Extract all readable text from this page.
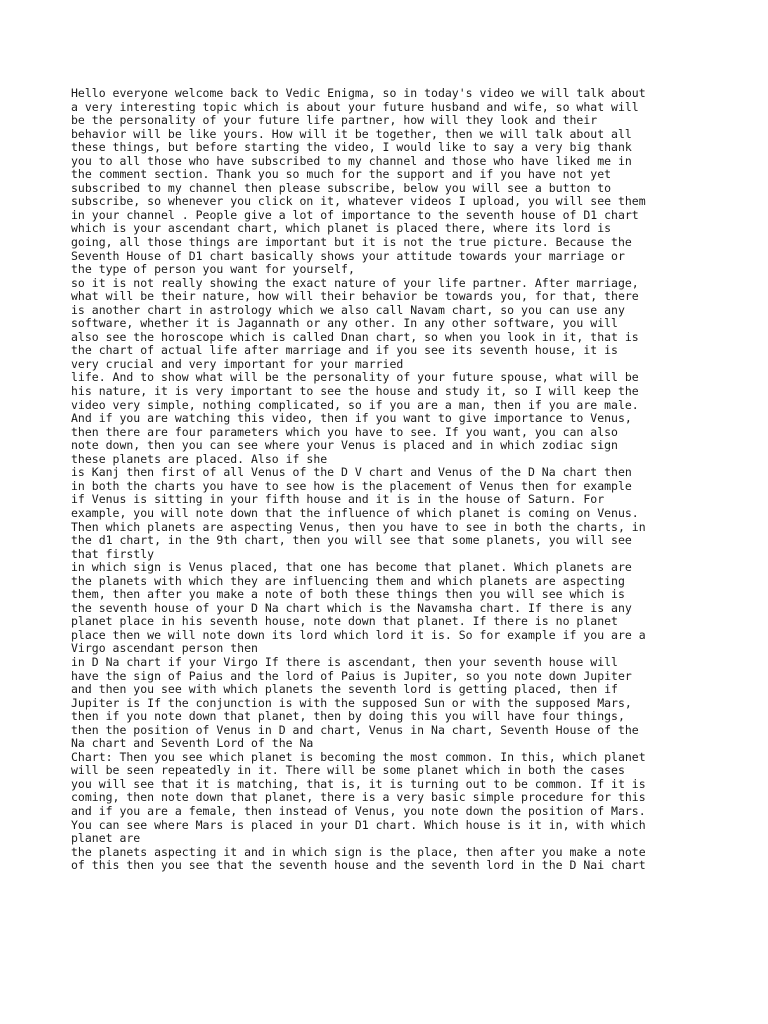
Hello everyone welcome back to Vedic Enigma, so in today's video we will talk about
a very interesting topic which is about your future husband and wife, so what will
be the personality of your future life partner, how will they look and their
behavior will be like yours. How will it be together, then we will talk about all
these things, but before starting the video, I would like to say a very big thank
you to all those who have subscribed to my channel and those who have liked me in
the comment section. Thank you so much for the support and if you have not yet
subscribed to my channel then please subscribe, below you will see a button to
subscribe, so whenever you click on it, whatever videos I upload, you will see them
in your channel . People give a lot of importance to the seventh house of D1 chart
which is your ascendant chart, which planet is placed there, where its lord is
going, all those things are important but it is not the true picture. Because the
Seventh House of D1 chart basically shows your attitude towards your marriage or
the type of person you want for yourself,
so it is not really showing the exact nature of your life partner. After marriage,
what will be their nature, how will their behavior be towards you, for that, there
is another chart in astrology which we also call Navam chart, so you can use any
software, whether it is Jagannath or any other. In any other software, you will
also see the horoscope which is called Dnan chart, so when you look in it, that is
the chart of actual life after marriage and if you see its seventh house, it is
very crucial and very important for your married
life. And to show what will be the personality of your future spouse, what will be
his nature, it is very important to see the house and study it, so I will keep the
video very simple, nothing complicated, so if you are a man, then if you are male.
And if you are watching this video, then if you want to give importance to Venus,
then there are four parameters which you have to see. If you want, you can also
note down, then you can see where your Venus is placed and in which zodiac sign
these planets are placed. Also if she
is Kanj then first of all Venus of the D V chart and Venus of the D Na chart then
in both the charts you have to see how is the placement of Venus then for example
if Venus is sitting in your fifth house and it is in the house of Saturn. For
example, you will note down that the influence of which planet is coming on Venus.
Then which planets are aspecting Venus, then you have to see in both the charts, in
the d1 chart, in the 9th chart, then you will see that some planets, you will see
that firstly
in which sign is Venus placed, that one has become that planet. Which planets are
the planets with which they are influencing them and which planets are aspecting
them, then after you make a note of both these things then you will see which is
the seventh house of your D Na chart which is the Navamsha chart. If there is any
planet place in his seventh house, note down that planet. If there is no planet
place then we will note down its lord which lord it is. So for example if you are a
Virgo ascendant person then
in D Na chart if your Virgo If there is ascendant, then your seventh house will
have the sign of Paius and the lord of Paius is Jupiter, so you note down Jupiter
and then you see with which planets the seventh lord is getting placed, then if
Jupiter is If the conjunction is with the supposed Sun or with the supposed Mars,
then if you note down that planet, then by doing this you will have four things,
then the position of Venus in D and chart, Venus in Na chart, Seventh House of the
Na chart and Seventh Lord of the Na
Chart: Then you see which planet is becoming the most common. In this, which planet
will be seen repeatedly in it. There will be some planet which in both the cases
you will see that it is matching, that is, it is turning out to be common. If it is
coming, then note down that planet, there is a very basic simple procedure for this
and if you are a female, then instead of Venus, you note down the position of Mars.
You can see where Mars is placed in your D1 chart. Which house is it in, with which
planet are
the planets aspecting it and in which sign is the place, then after you make a note
of this then you see that the seventh house and the seventh lord in the D Nai chart
